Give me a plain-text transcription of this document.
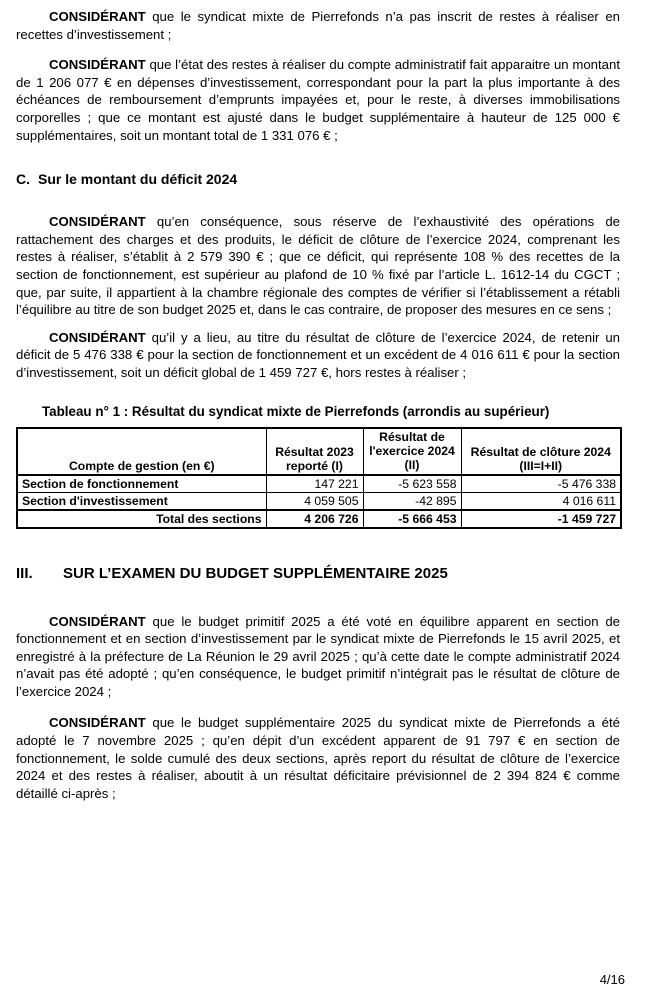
CONSIDÉRANT que le syndicat mixte de Pierrefonds n’a pas inscrit de restes à réaliser en recettes d’investissement ;

CONSIDÉRANT que l’état des restes à réaliser du compte administratif fait apparaitre un montant de 1 206 077 € en dépenses d’investissement, correspondant pour la part la plus importante à des échéances de remboursement d’emprunts impayées et, pour le reste, à diverses immobilisations corporelles ; que ce montant est ajusté dans le budget supplémentaire à hauteur de 125 000 € supplémentaires, soit un montant total de 1 331 076 € ;

C. Sur le montant du déficit 2024

CONSIDÉRANT qu’en conséquence, sous réserve de l’exhaustivité des opérations de rattachement des charges et des produits, le déficit de clôture de l’exercice 2024, comprenant les restes à réaliser, s’établit à 2 579 390 € ; que ce déficit, qui représente 108 % des recettes de la section de fonctionnement, est supérieur au plafond de 10 % fixé par l’article L. 1612-14 du CGCT ; que, par suite, il appartient à la chambre régionale des comptes de vérifier si l’établissement a rétabli l’équilibre au titre de son budget 2025 et, dans le cas contraire, de proposer des mesures en ce sens ;

CONSIDÉRANT qu’il y a lieu, au titre du résultat de clôture de l’exercice 2024, de retenir un déficit de 5 476 338 € pour la section de fonctionnement et un excédent de 4 016 611 € pour la section d’investissement, soit un déficit global de 1 459 727 €, hors restes à réaliser ;

Tableau n° 1 : Résultat du syndicat mixte de Pierrefonds (arrondis au supérieur)
Compte de gestion (en €)

Résultat 2023
reporté (I)

Résultat de
l'exercice 2024
(II)

Résultat de clôture 2024
(III=I+II)

Section de fonctionnement	147 221	-5 623 558	-5 476 338
Section d'investissement	4 059 505	-42 895	4 016 611
Total des sections	4 206 726	-5 666 453	-1 459 727
III. SUR L’EXAMEN DU BUDGET SUPPLÉMENTAIRE 2025

CONSIDÉRANT que le budget primitif 2025 a été voté en équilibre apparent en section de fonctionnement et en section d’investissement par le syndicat mixte de Pierrefonds le 15 avril 2025, et enregistré à la préfecture de La Réunion le 29 avril 2025 ; qu’à cette date le compte administratif 2024 n’avait pas été adopté ; qu’en conséquence, le budget primitif n’intégrait pas le résultat de clôture de l’exercice 2024 ;

CONSIDÉRANT que le budget supplémentaire 2025 du syndicat mixte de Pierrefonds a été adopté le 7 novembre 2025 ; qu’en dépit d’un excédent apparent de 91 797 € en section de fonctionnement, le solde cumulé des deux sections, après report du résultat de clôture de l’exercice 2024 et des restes à réaliser, aboutit à un résultat déficitaire prévisionnel de 2 394 824 € comme détaillé ci-après ;

4/16
